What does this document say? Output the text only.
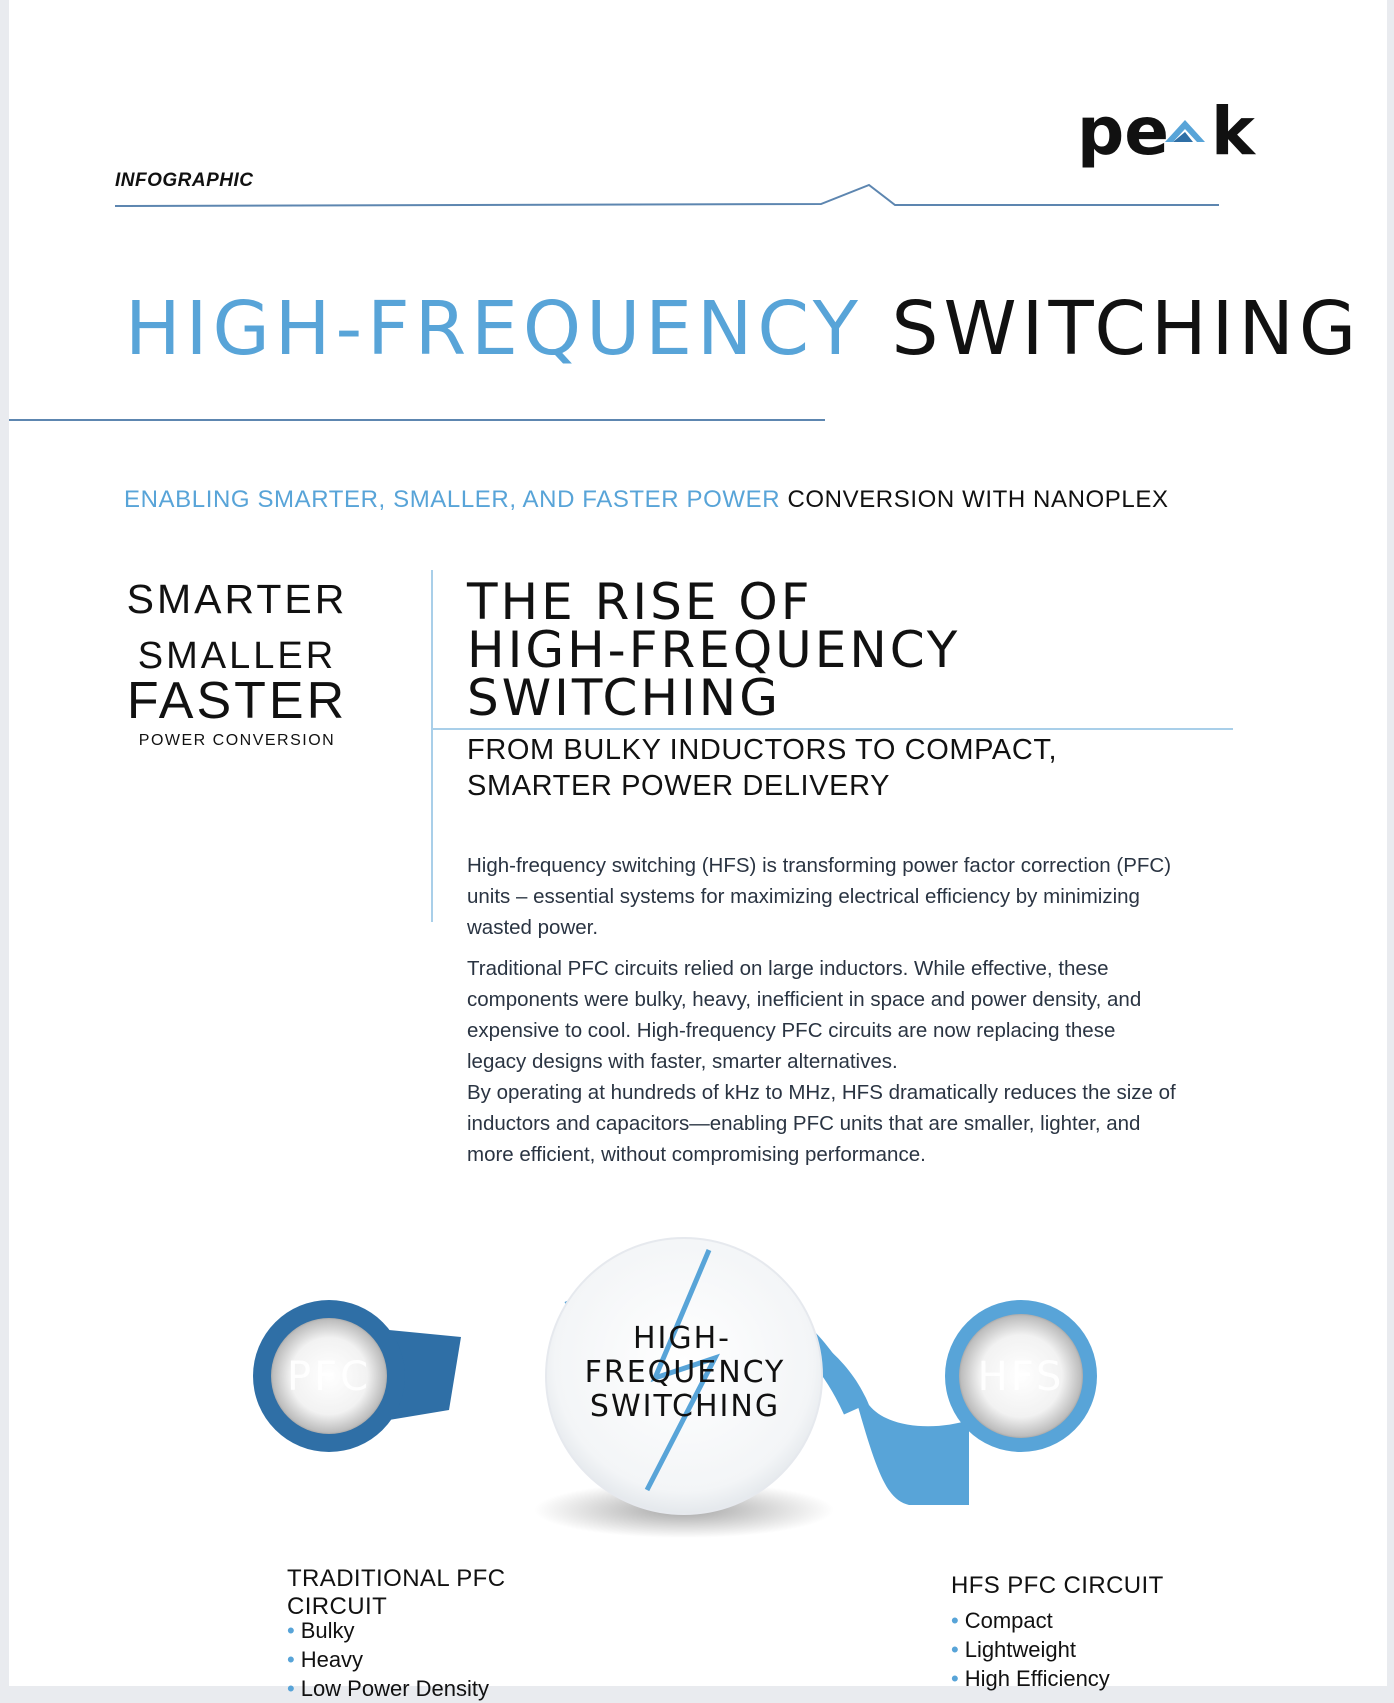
INFOGRAPHIC
pe k
HIGH-FREQUENCY SWITCHING
ENABLING SMARTER, SMALLER, AND FASTER POWER CONVERSION WITH NANOPLEX
SMARTER
SMALLER
FASTER
POWER CONVERSION
THE RISE OF
HIGH-FREQUENCY
SWITCHING
FROM BULKY INDUCTORS TO COMPACT,
SMARTER POWER DELIVERY

High-frequency switching (HFS) is transforming power factor correction (PFC) units – essential systems for maximizing electrical efficiency by minimizing wasted power.

Traditional PFC circuits relied on large inductors. While effective, these components were bulky, heavy, inefficient in space and power density, and expensive to cool. High-frequency PFC circuits are now replacing these legacy designs with faster, smarter alternatives.

By operating at hundreds of kHz to MHz, HFS dramatically reduces the size of inductors and capacitors—enabling PFC units that are smaller, lighter, and more efficient, without compromising performance.

PFC
HIGH-
FREQUENCY
SWITCHING
HFS
TRADITIONAL PFC CIRCUIT
• Bulky
• Heavy
• Low Power Density
HFS PFC CIRCUIT
• Compact
• Lightweight
• High Efficiency
